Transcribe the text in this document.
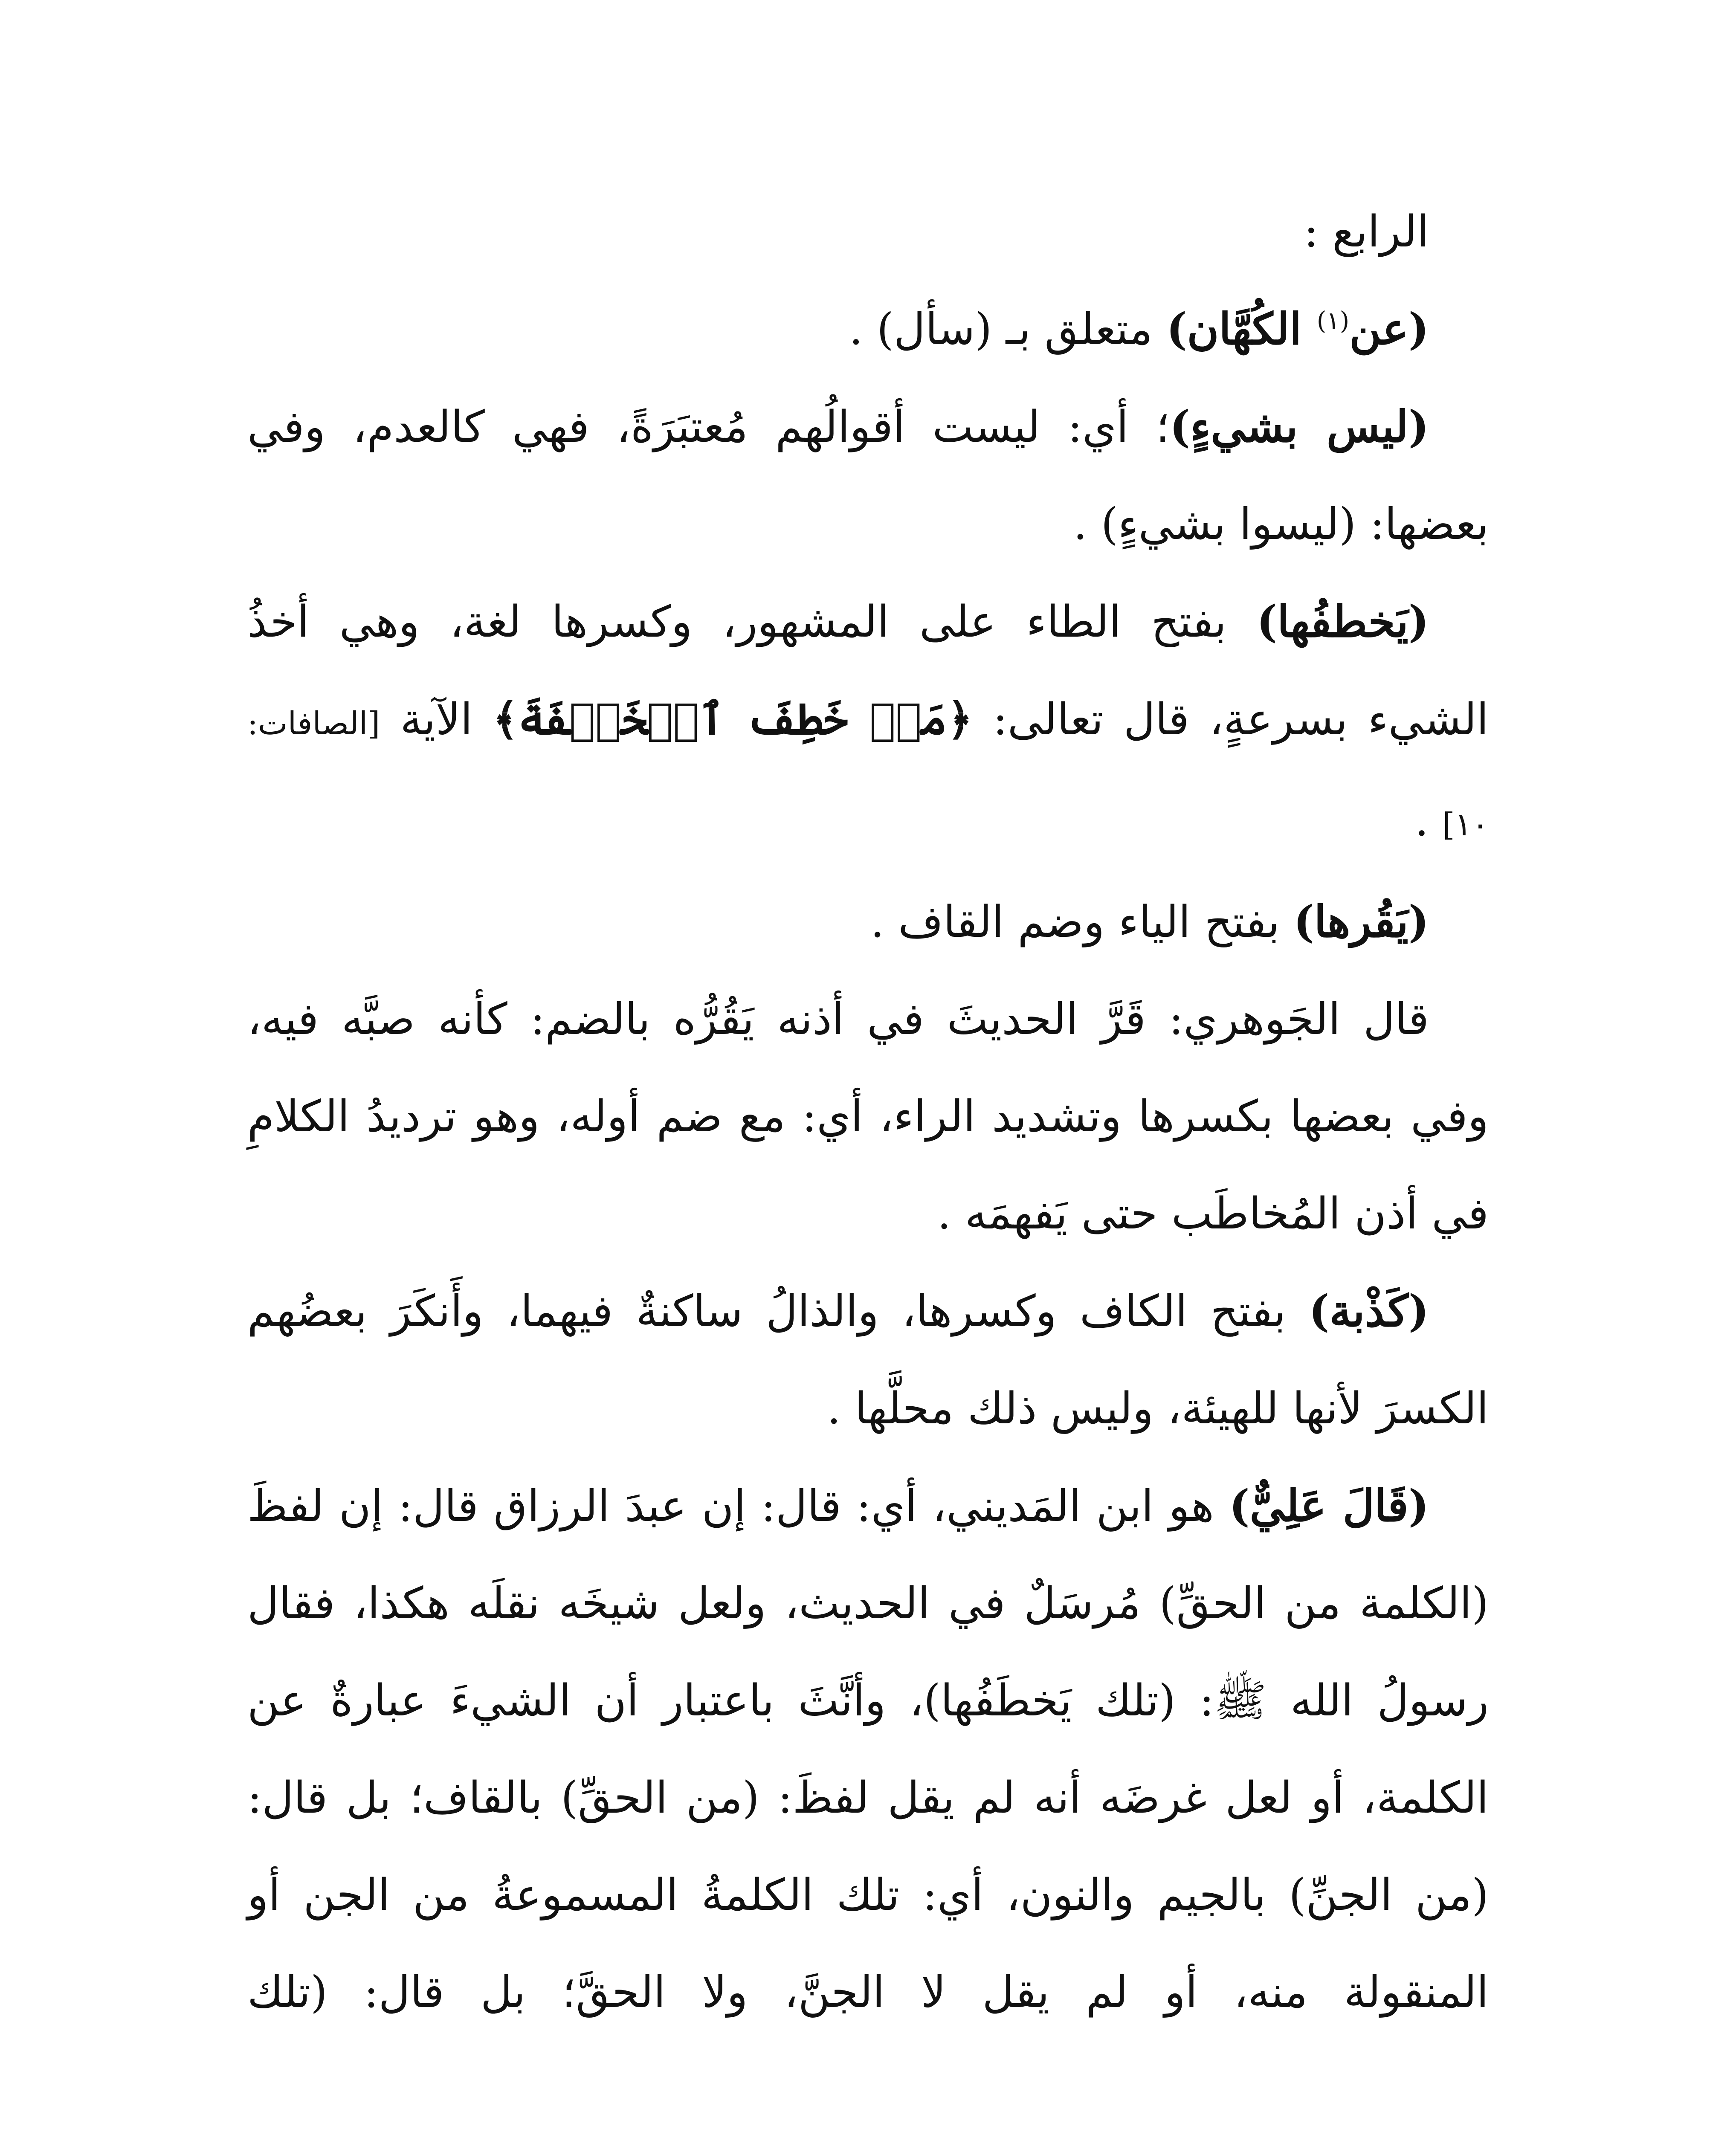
الرابع :

(عن$^{(١)}$ الكُهَّان) متعلق بـ (سأل) .

(ليس بشيءٍ)؛ أي: ليست أقوالُهم مُعتبَرَةً، فهي كالعدم، وفي بعضها: (ليسوا بشيءٍ) .

(يَخطفُها) بفتح الطاء على المشهور، وكسرها لغة، وهي أخذُ الشيء بسرعةٍ، قال تعالى: ﴿مَنۡ خَطِفَ ٱلۡخَطۡفَةَ﴾ الآية [الصافات: ١٠] .

(يَقُرها) بفتح الياء وضم القاف .

قال الجَوهري: قَرَّ الحديثَ في أذنه يَقُرُّه بالضم: كأنه صبَّه فيه، وفي بعضها بكسرها وتشديد الراء، أي: مع ضم أوله، وهو ترديدُ الكلامِ في أذن المُخاطَب حتى يَفهمَه .

(كَذْبة) بفتح الكاف وكسرها، والذالُ ساكنةٌ فيهما، وأَنكَرَ بعضُهم الكسرَ لأنها للهيئة، وليس ذلك محلَّها .

(قَالَ عَلِيٌّ) هو ابن المَديني، أي: قال: إن عبدَ الرزاق قال: إن لفظَ (الكلمة من الحقِّ) مُرسَلٌ في الحديث، ولعل شيخَه نقلَه هكذا، فقال رسولُ الله ﷺ: (تلك يَخطَفُها)، وأنَّثَ باعتبار أن الشيءَ عبارةٌ عن الكلمة، أو لعل غرضَه أنه لم يقل لفظَ: (من الحقِّ) بالقاف؛ بل قال: (من الجنِّ) بالجيم والنون، أي: تلك الكلمةُ المسموعةُ من الجن أو المنقولة منه، أو لم يقل لا الجنَّ، ولا الحقَّ؛ بل قال: (تلك
